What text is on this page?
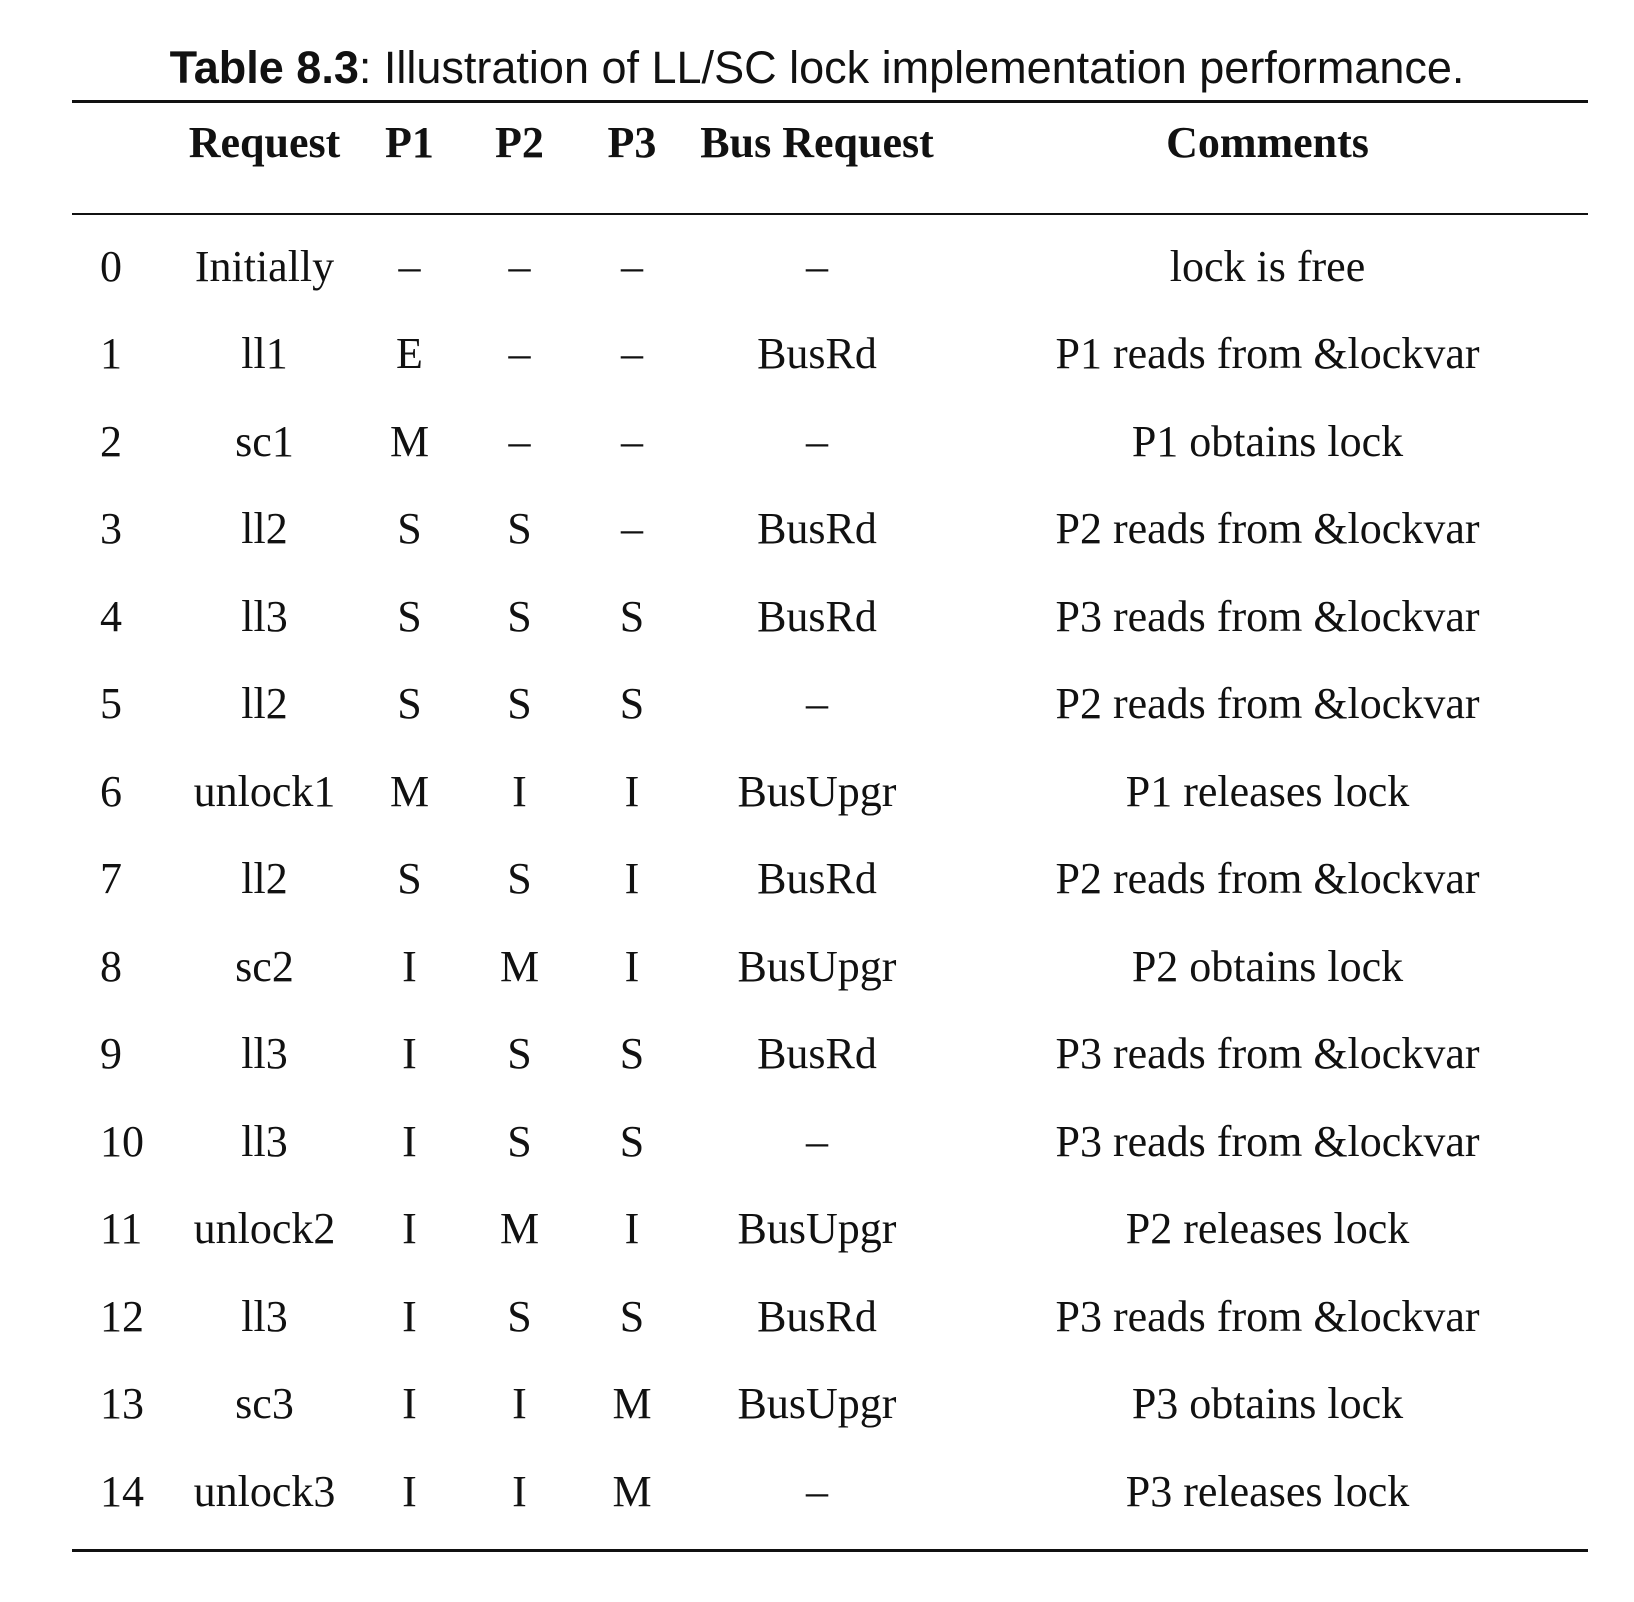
Table 8.3: Illustration of LL/SC lock implementation performance.
	Request	P1	P2	P3	Bus Request	Comments
0	Initially	–	–	–	–	lock is free
1	ll1	E	–	–	BusRd	P1 reads from &lockvar
2	sc1	M	–	–	–	P1 obtains lock
3	ll2	S	S	–	BusRd	P2 reads from &lockvar
4	ll3	S	S	S	BusRd	P3 reads from &lockvar
5	ll2	S	S	S	–	P2 reads from &lockvar
6	unlock1	M	I	I	BusUpgr	P1 releases lock
7	ll2	S	S	I	BusRd	P2 reads from &lockvar
8	sc2	I	M	I	BusUpgr	P2 obtains lock
9	ll3	I	S	S	BusRd	P3 reads from &lockvar
10	ll3	I	S	S	–	P3 reads from &lockvar
11	unlock2	I	M	I	BusUpgr	P2 releases lock
12	ll3	I	S	S	BusRd	P3 reads from &lockvar
13	sc3	I	I	M	BusUpgr	P3 obtains lock
14	unlock3	I	I	M	–	P3 releases lock
